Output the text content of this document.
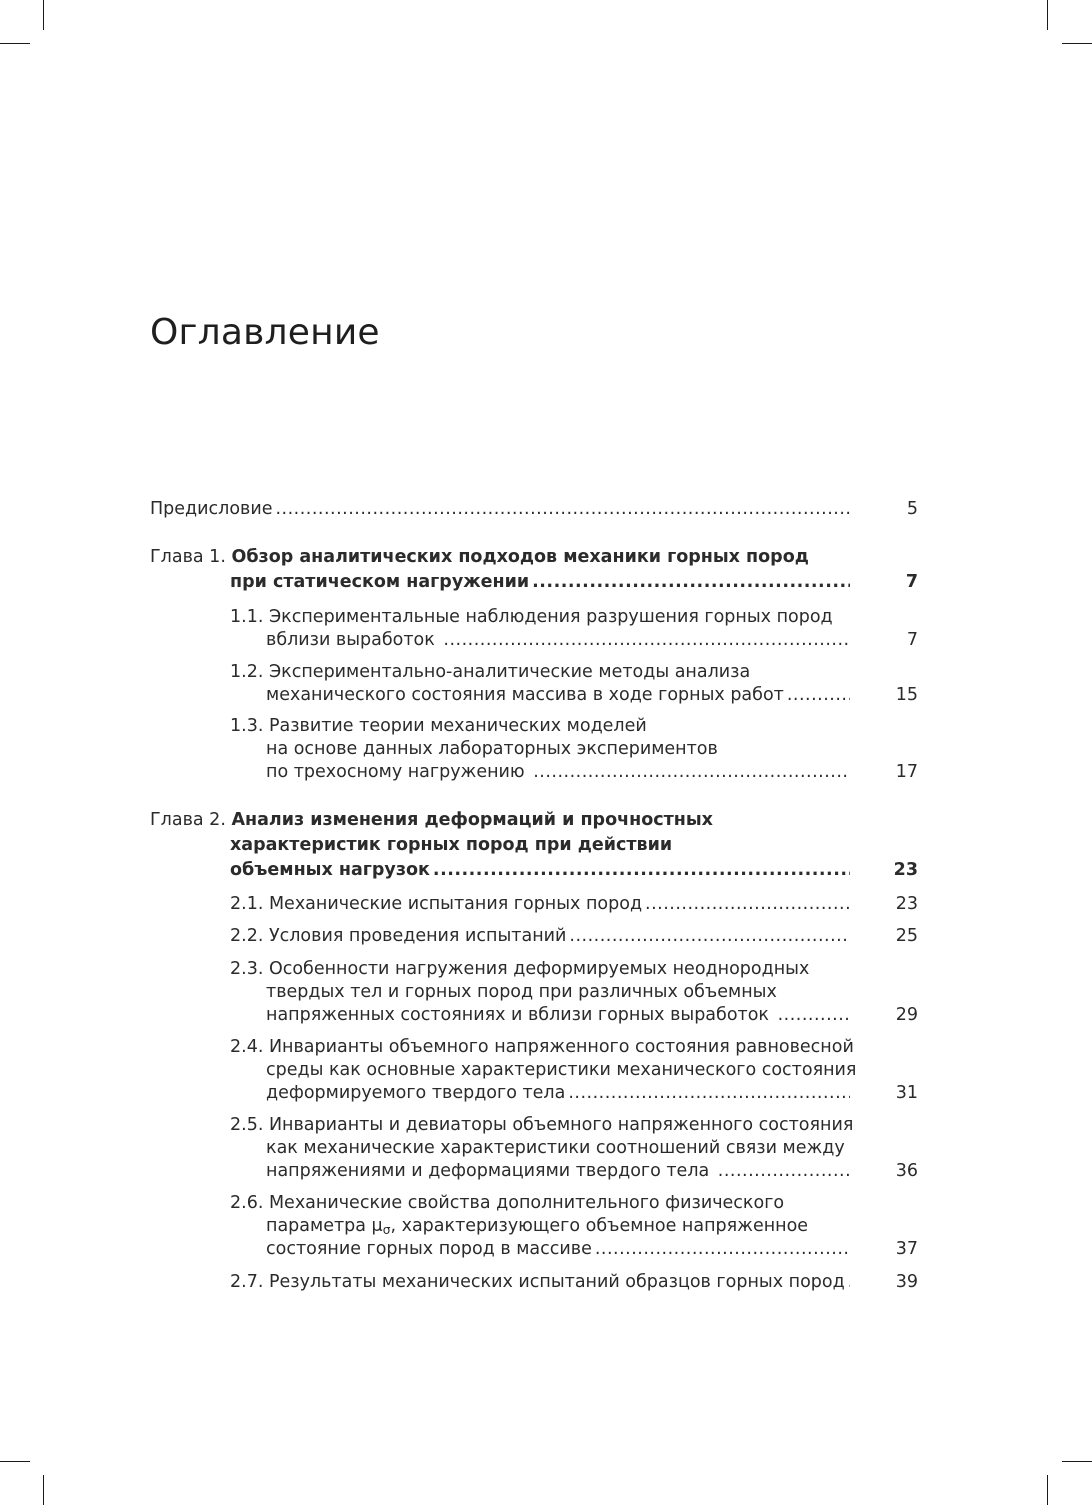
Оглавление
Предисловие .....	5
Глава 1. Обзор аналитических подходов механики горных пород
при статическом нагружении .....	7
1.1. Экспериментальные наблюдения разрушения горных пород
вблизи выработок .....	7
1.2. Экспериментально-аналитические методы анализа
механического состояния массива в ходе горных работ .....	15
1.3. Развитие теории механических моделей
на основе данных лабораторных экспериментов
по трехосному нагружению .....	17
Глава 2. Анализ изменения деформаций и прочностных
характеристик горных пород при действии
объемных нагрузок .....	23
2.1. Механические испытания горных пород .....	23
2.2. Условия проведения испытаний .....	25
2.3. Особенности нагружения деформируемых неоднородных
твердых тел и горных пород при различных объемных
напряженных состояниях и вблизи горных выработок .....	29
2.4. Инварианты объемного напряженного состояния равновесной
среды как основные характеристики механического состояния
деформируемого твердого тела .....	31
2.5. Инварианты и девиаторы объемного напряженного состояния
как механические характеристики соотношений связи между
напряжениями и деформациями твердого тела .....	36
2.6. Механические свойства дополнительного физического
параметра $\mu_\sigma$, характеризующего объемное напряженное
состояние горных пород в массиве .....	37
2.7. Результаты механических испытаний образцов горных пород .....	39
